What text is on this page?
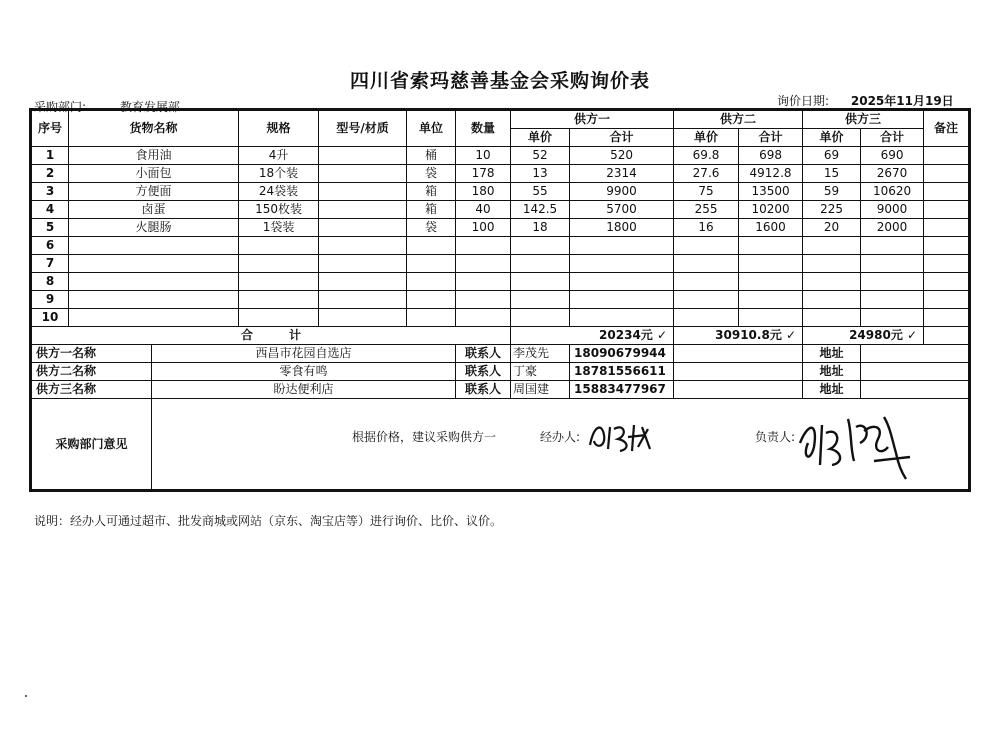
四川省索玛慈善基金会采购询价表
采购部门:	教育发展部	询价日期: 2025年11月19日
序号	货物名称		规格	型号/材质	单位	数量	供方一		供方二		供方三		备注
							单价	合计	单价	合计	单价	合计	
1	食用油		4升		桶	10	52	520	69.8	698	69	690	
2	小面包		18个装		袋	178	13	2314	27.6	4912.8	15	2670	
3	方便面		24袋装		箱	180	55	9900	75	13500	59	10620	
4	卤蛋		150枚装		箱	40	142.5	5700	255	10200	225	9000	
5	火腿肠		1袋装		袋	100	18	1800	16	1600	20	2000	
6													
7													
8													
9													
10													
合　　　计							20234元 ✓		30910.8元 ✓		24980元 ✓		
供方一名称		西昌市花园自选店				联系人	李茂先	18090679944			地址		
供方二名称		零食有鸣				联系人	丁豪	18781556611			地址		
供方三名称		盼达便利店				联系人	周国建	15883477967			地址		
采购部门意见		根据价格，建议采购供方一 经办人: 负责人:											
说明：经办人可通过超市、批发商城或网站（京东、淘宝店等）进行询价、比价、议价。
